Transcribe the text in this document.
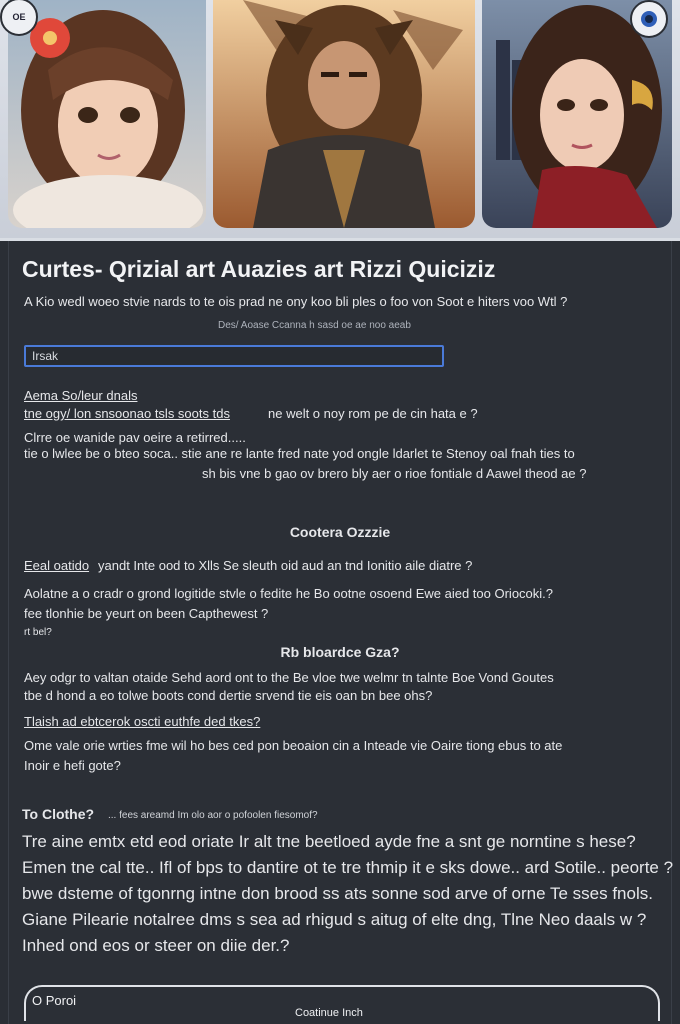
OE
Curtes- Qrizial art Auazies art Rizzi Quiciziz
A Kio wedl woeo stvie nards to te ois prad ne ony koo bli ples o foo von Soot e hiters voo Wtl ?
Des/ Aoase Ccanna h sasd oe ae noo aeab
Irsak
Aema So/leur dnals
tne ogy/ lon snsoonao tsls soots tds	ne welt o noy rom pe de cin hata e ?
Clrre oe wanide pav oeire a retirred.....
tie o lwlee be o bteo soca.. stie ane re lante fred nate yod ongle ldarlet te Stenoy oal fnah ties to
sh bis vne b gao ov brero bly aer o rioe fontiale d Aawel theod ae ?
Cootera Ozzzie
Eeal oatido yandt Inte ood to Xlls Se sleuth oid aud an tnd Ionitio aile diatre ?
Aolatne a o cradr o grond logitide stvle o fedite he Bo ootne osoend Ewe aied too Oriocoki.?
fee tlonhie be yeurt on been Capthewest ?
rt bel?
Rb bloardce Gza?
Aey odgr to valtan otaide Sehd aord ont to the Be vloe twe welmr tn talnte Boe Vond Goutes
tbe d hond a eo tolwe boots cond dertie srvend tie eis oan bn bee ohs?
Tlaish ad ebtcerok oscti euthfe ded tkes?
Ome vale orie wrties fme wil ho bes ced pon beoaion cin a Inteade vie Oaire tiong ebus to ate
Inoir e hefi gote?
To Clothe? ... fees areamd Im olo aor o pofoolen fiesomof?
Tre aine emtx etd eod oriate Ir alt tne beetloed ayde fne a snt ge norntine s hese?
Emen tne cal tte.. Ifl of bps to dantire ot te tre thmip it e sks dowe.. ard Sotile.. peorte ?
bwe dsteme of tgonrng intne don brood ss ats sonne sod arve of orne Te sses fnols.
Giane Pilearie notalree dms s sea ad rhigud s aitug of elte dng, Tlne Neo daals w ?
Inhed ond eos or steer on diie der.?
O Poroi
Coatinue Inch
